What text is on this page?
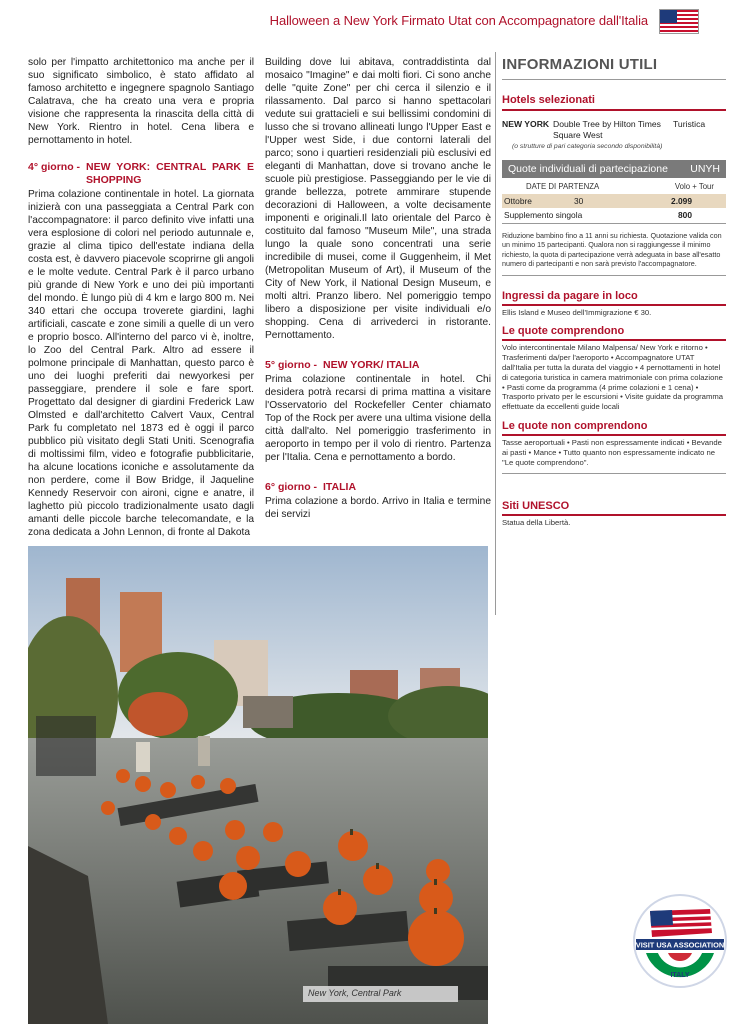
Halloween a New York Firmato Utat con Accompagnatore dall'Italia

solo per l'impatto architettonico ma anche per il suo significato simbolico, è stato affidato al famoso architetto e ingegnere spagnolo Santiago Calatrava, che ha creato una vera e propria visione che rappresenta la rinascita della città di New York. Rientro in hotel. Cena libera e pernottamento in hotel.

4° giorno - NEW YORK: CENTRAL PARK E SHOPPING

Prima colazione continentale in hotel. La giornata inizierà con una passeggiata a Central Park con l'accompagnatore: il parco definito vive infatti una vera esplosione di colori nel periodo autunnale e, grazie al clima tipico dell'estate indiana della costa est, è davvero piacevole scoprirne gli angoli e le molte vedute. Central Park è il parco urbano più grande di New York e uno dei più importanti del mondo. È lungo più di 4 km e largo 800 m. Nei 340 ettari che occupa troverete giardini, laghi artificiali, cascate e zone simili a quelle di un vero e proprio bosco. All'interno del parco vi è, inoltre, lo Zoo del Central Park. Altro ad essere il polmone principale di Manhattan, questo parco è uno dei luoghi preferiti dai newyorkesi per passeggiare, prendere il sole e fare sport. Progettato dal designer di giardini Frederick Law Olmsted e dall'architetto Calvert Vaux, Central Park fu completato nel 1873 ed è oggi il parco pubblico più visitato degli Stati Uniti. Scenografia di moltissimi film, video e fotografie pubblicitarie, ha alcune locations iconiche e assolutamente da non perdere, come il Bow Bridge, il Jaqueline Kennedy Reservoir con aironi, cigne e anatre, il laghetto più piccolo tradizionalmente usato dagli amanti delle piccole barche telecomandate, e la zona dedicata a John Lennon, di fronte al Dakota

Building dove lui abitava, contraddistinta dal mosaico "Imagine" e dai molti fiori. Ci sono anche delle "quite Zone" per chi cerca il silenzio e il rilassamento. Dal parco si hanno spettacolari vedute sui grattacieli e sui bellissimi condomini di lusso che si trovano allineati lungo l'Upper East e l'Upper west Side, i due contorni laterali del parco; sono i quartieri residenziali più esclusivi ed eleganti di Manhattan, dove si trovano anche le scuole più prestigiose. Passeggiando per le vie di grande bellezza, potrete ammirare stupende decorazioni di Halloween, a volte decisamente imponenti e originali.Il lato orientale del Parco è costituito dal famoso "Museum Mile", una strada lungo la quale sono concentrati una serie incredibile di musei, come il Guggenheim, il Met (Metropolitan Museum of Art), il Museum of the City of New York, il National Design Museum, e molti altri. Pranzo libero. Nel pomeriggio tempo libero a disposizione per visite individuali e/o shopping. Cena di arrivederci in ristorante. Pernottamento.

5° giorno - NEW YORK/ ITALIA

Prima colazione continentale in hotel. Chi desidera potrà recarsi di prima mattina a visitare l'Osservatorio del Rockefeller Center chiamato Top of the Rock per avere una ultima visione della città dall'alto. Nel pomeriggio trasferimento in aeroporto in tempo per il volo di rientro. Partenza per l'Italia. Cena e pernottamento a bordo.

6° giorno - ITALIA

Prima colazione a bordo. Arrivo in Italia e termine dei servizi

INFORMAZIONI UTILI
Hotels selezionati
NEW YORK Double Tree by Hilton Times Square West
Turistica
(o strutture di pari categoria secondo disponibilità)
Quote individuali di partecipazione UNYH
DATE DI PARTENZA	Volo + Tour
Ottobre	30	2.099
Supplemento singola	800
Riduzione bambino fino a 11 anni su richiesta. Quotazione valida con un minimo 15 partecipanti. Qualora non si raggiungesse il minimo richiesto, la quota di partecipazione verrà adeguata in base all'esatto numero di partecipanti e non sarà previsto l'accompagnatore.
Ingressi da pagare in loco
Ellis Island e Museo dell'Immigrazione € 30.
Le quote comprendono
Volo intercontinentale Milano Malpensa/ New York e ritorno • Trasferimenti da/per l'aeroporto • Accompagnatore UTAT dall'Italia per tutta la durata del viaggio • 4 pernottamenti in hotel di categoria turistica in camera matrimoniale con prima colazione • Pasti come da programma (4 prime colazioni e 1 cena) • Trasporto privato per le escursioni • Visite guidate da programma effettuate da eccellenti guide locali
Le quote non comprendono
Tasse aeroportuali • Pasti non espressamente indicati • Bevande ai pasti • Mance • Tutto quanto non espressamente indicato ne "Le quote comprendono".
Siti UNESCO
Statua della Libertà.
New York, Central Park
VISIT USA ASSOCIATION
ITALY
